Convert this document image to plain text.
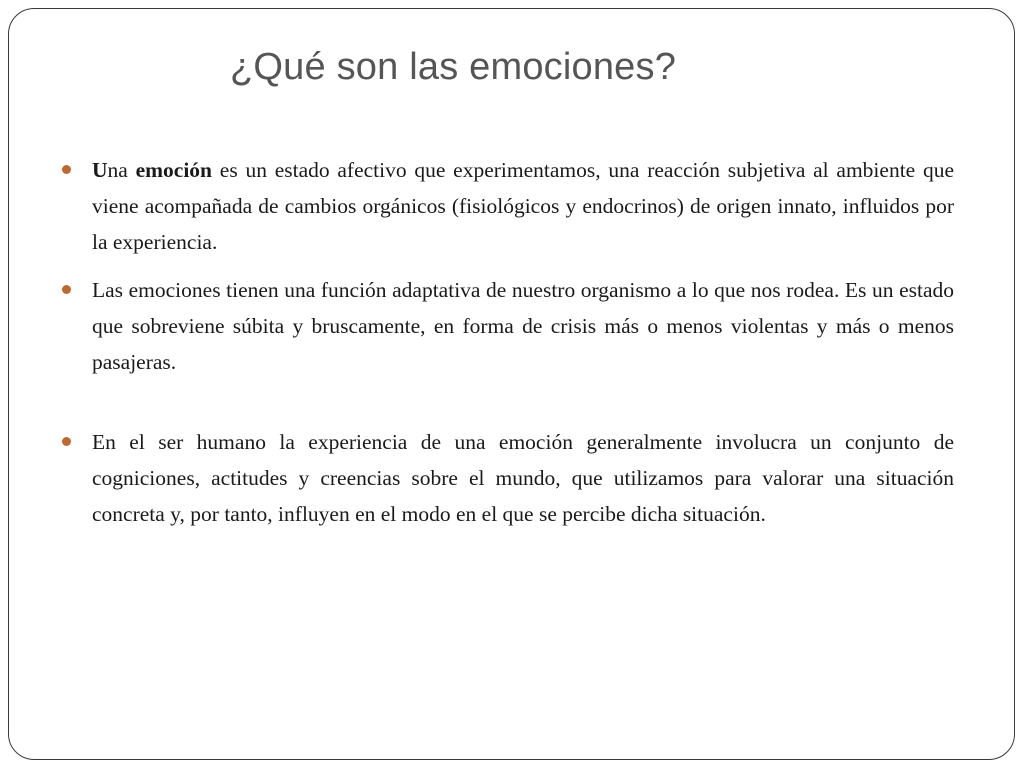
¿Qué son las emociones?
Una emoción es un estado afectivo que experimentamos, una reacción subjetiva al ambiente que viene acompañada de cambios orgánicos (fisiológicos y endocrinos) de origen innato, influidos por la experiencia.
Las emociones tienen una función adaptativa de nuestro organismo a lo que nos rodea. Es un estado que sobreviene súbita y bruscamente, en forma de crisis más o menos violentas y más o menos pasajeras.
En el ser humano la experiencia de una emoción generalmente involucra un conjunto de cogniciones, actitudes y creencias sobre el mundo, que utilizamos para valorar una situación concreta y, por tanto, influyen en el modo en el que se percibe dicha situación.
